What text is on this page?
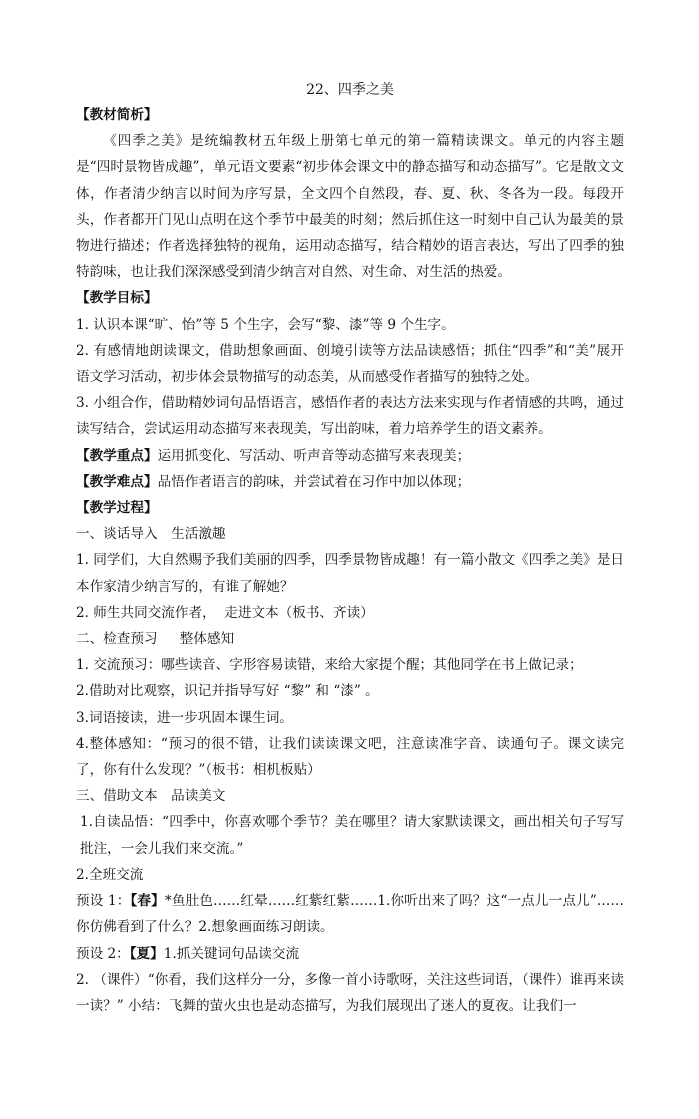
22、四季之美
【教材简析】
《四季之美》是统编教材五年级上册第七单元的第一篇精读课文。单元的内容主题是“四时景物皆成趣”，单元语文要素“初步体会课文中的静态描写和动态描写”。它是散文文体，作者清少纳言以时间为序写景，全文四个自然段，春、夏、秋、冬各为一段。每段开头，作者都开门见山点明在这个季节中最美的时刻；然后抓住这一时刻中自己认为最美的景物进行描述；作者选择独特的视角，运用动态描写，结合精妙的语言表达，写出了四季的独特韵味，也让我们深深感受到清少纳言对自然、对生命、对生活的热爱。
【教学目标】
1. 认识本课“旷、怡”等 5 个生字，会写“黎、漆”等 9 个生字。
2. 有感情地朗读课文，借助想象画面、创境引读等方法品读感悟；抓住“四季”和“美”展开语文学习活动，初步体会景物描写的动态美，从而感受作者描写的独特之处。
3. 小组合作，借助精妙词句品悟语言，感悟作者的表达方法来实现与作者情感的共鸣，通过读写结合，尝试运用动态描写来表现美，写出韵味，着力培养学生的语文素养。
【教学重点】运用抓变化、写活动、听声音等动态描写来表现美；
【教学难点】品悟作者语言的韵味，并尝试着在习作中加以体现；
【教学过程】
一、谈话导入　生活激趣
1. 同学们，大自然赐予我们美丽的四季，四季景物皆成趣！有一篇小散文《四季之美》是日本作家清少纳言写的，有谁了解她？
2. 师生共同交流作者，  走进文本（板书、齐读）
二、检查预习　  整体感知
1. 交流预习：哪些读音、字形容易读错，来给大家提个醒；其他同学在书上做记录；
2.借助对比观察，识记并指导写好 “黎” 和 “漆” 。
3.词语接读，进一步巩固本课生词。
4.整体感知：“预习的很不错，让我们读读课文吧，注意读准字音、读通句子。课文读完了，你有什么发现？”（板书：相机板贴）
三、借助文本　品读美文
1.自读品悟：“四季中，你喜欢哪个季节？美在哪里？请大家默读课文，画出相关句子写写批注，一会儿我们来交流。”
2.全班交流
预设 1：【春】*鱼肚色……红晕……红紫红紫……1.你听出来了吗？这“一点儿一点儿”……你仿佛看到了什么？2.想象画面练习朗读。
预设 2：【夏】1.抓关键词句品读交流
2. （课件）“你看，我们这样分一分，多像一首小诗歌呀，关注这些词语，（课件）谁再来读一读？” 小结：飞舞的萤火虫也是动态描写，为我们展现出了迷人的夏夜。让我们一
